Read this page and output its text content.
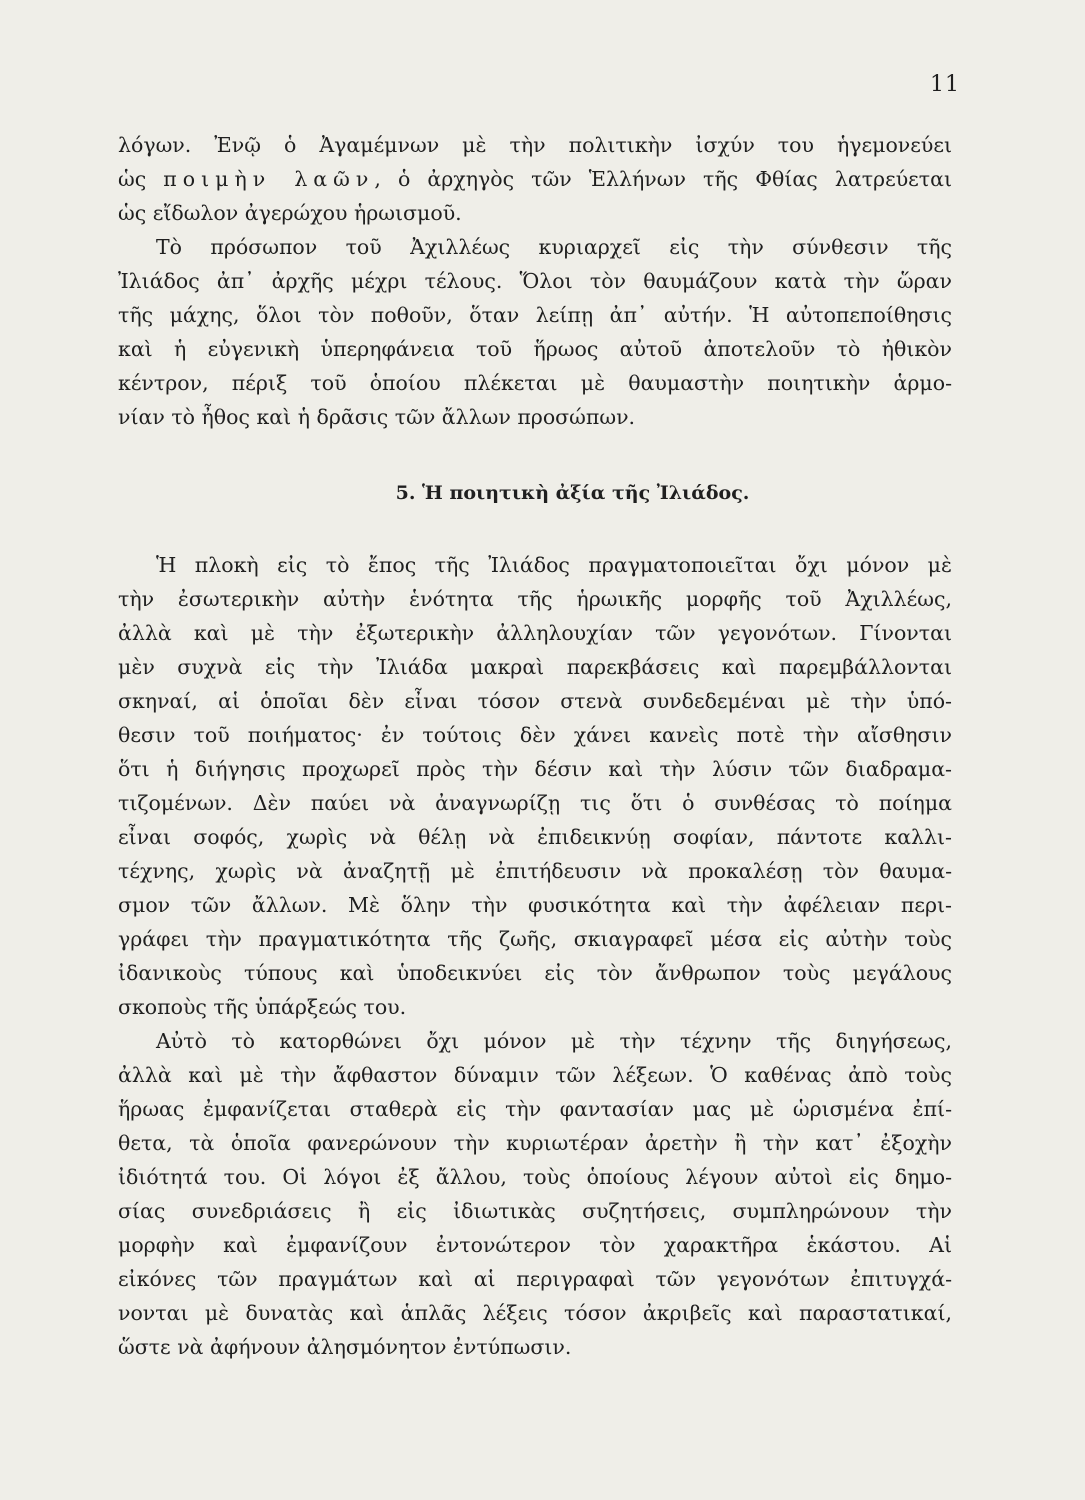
11
λόγων. Ἐνῷ ὁ Ἀγαμέμνων μὲ τὴν πολιτικὴν ἰσχύν του ἡγεμονεύει
ὡς ποιμὴν λαῶν, ὁ ἀρχηγὸς τῶν Ἑλλήνων τῆς Φθίας λατρεύεται
ὡς εἴδωλον ἀγερώχου ἡρωισμοῦ.
Τὸ πρόσωπον τοῦ Ἀχιλλέως κυριαρχεῖ εἰς τὴν σύνθεσιν τῆς
Ἰλιάδος ἀπ᾽ ἀρχῆς μέχρι τέλους. Ὅλοι τὸν θαυμάζουν κατὰ τὴν ὥραν
τῆς μάχης, ὅλοι τὸν ποθοῦν, ὅταν λείπῃ ἀπ᾽ αὐτήν. Ἡ αὐτοπεποίθησις
καὶ ἡ εὐγενικὴ ὑπερηφάνεια τοῦ ἥρωος αὐτοῦ ἀποτελοῦν τὸ ἠθικὸν
κέντρον, πέριξ τοῦ ὁποίου πλέκεται μὲ θαυμαστὴν ποιητικὴν ἁρμο-
νίαν τὸ ἦθος καὶ ἡ δρᾶσις τῶν ἄλλων προσώπων.
5. Ἡ ποιητικὴ ἀξία τῆς Ἰλιάδος.
Ἡ πλοκὴ εἰς τὸ ἔπος τῆς Ἰλιάδος πραγματοποιεῖται ὄχι μόνον μὲ
τὴν ἐσωτερικὴν αὐτὴν ἑνότητα τῆς ἡρωικῆς μορφῆς τοῦ Ἀχιλλέως,
ἀλλὰ καὶ μὲ τὴν ἐξωτερικὴν ἀλληλουχίαν τῶν γεγονότων. Γίνονται
μὲν συχνὰ εἰς τὴν Ἰλιάδα μακραὶ παρεκβάσεις καὶ παρεμβάλλονται
σκηναί, αἱ ὁποῖαι δὲν εἶναι τόσον στενὰ συνδεδεμέναι μὲ τὴν ὑπό-
θεσιν τοῦ ποιήματος· ἐν τούτοις δὲν χάνει κανεὶς ποτὲ τὴν αἴσθησιν
ὅτι ἡ διήγησις προχωρεῖ πρὸς τὴν δέσιν καὶ τὴν λύσιν τῶν διαδραμα-
τιζομένων. Δὲν παύει νὰ ἀναγνωρίζῃ τις ὅτι ὁ συνθέσας τὸ ποίημα
εἶναι σοφός, χωρὶς νὰ θέλῃ νὰ ἐπιδεικνύῃ σοφίαν, πάντοτε καλλι-
τέχνης, χωρὶς νὰ ἀναζητῇ μὲ ἐπιτήδευσιν νὰ προκαλέσῃ τὸν θαυμα-
σμον τῶν ἄλλων. Μὲ ὅλην τὴν φυσικότητα καὶ τὴν ἀφέλειαν περι-
γράφει τὴν πραγματικότητα τῆς ζωῆς, σκιαγραφεῖ μέσα εἰς αὐτὴν τοὺς
ἰδανικοὺς τύπους καὶ ὑποδεικνύει εἰς τὸν ἄνθρωπον τοὺς μεγάλους
σκοποὺς τῆς ὑπάρξεώς του.
Αὐτὸ τὸ κατορθώνει ὄχι μόνον μὲ τὴν τέχνην τῆς διηγήσεως,
ἀλλὰ καὶ μὲ τὴν ἄφθαστον δύναμιν τῶν λέξεων. Ὁ καθένας ἀπὸ τοὺς
ἥρωας ἐμφανίζεται σταθερὰ εἰς τὴν φαντασίαν μας μὲ ὡρισμένα ἐπί-
θετα, τὰ ὁποῖα φανερώνουν τὴν κυριωτέραν ἀρετὴν ἢ τὴν κατ᾽ ἐξοχὴν
ἰδιότητά του. Οἱ λόγοι ἐξ ἄλλου, τοὺς ὁποίους λέγουν αὐτοὶ εἰς δημο-
σίας συνεδριάσεις ἢ εἰς ἰδιωτικὰς συζητήσεις, συμπληρώνουν τὴν
μορφὴν καὶ ἐμφανίζουν ἐντονώτερον τὸν χαρακτῆρα ἑκάστου. Αἱ
εἰκόνες τῶν πραγμάτων καὶ αἱ περιγραφαὶ τῶν γεγονότων ἐπιτυγχά-
νονται μὲ δυνατὰς καὶ ἁπλᾶς λέξεις τόσον ἀκριβεῖς καὶ παραστατικαί,
ὥστε νὰ ἀφήνουν ἀλησμόνητον ἐντύπωσιν.
